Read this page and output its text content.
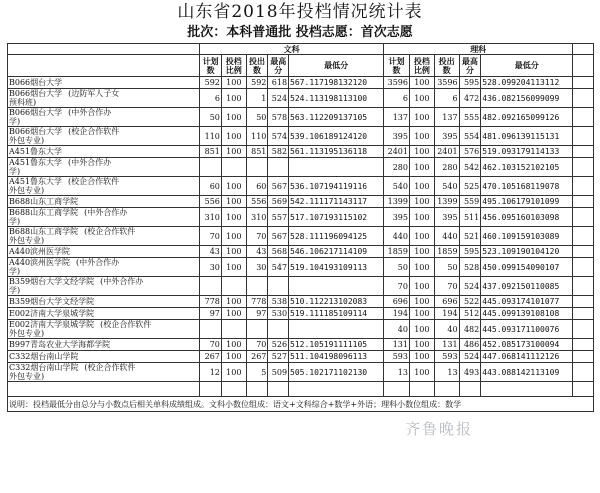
山东省2018年投档情况统计表
批次：本科普通批 投档志愿：首次志愿
	文科					理科					
	计划数	投档比例	投出数	最高分	最低分	计划数	投档比例	投出数	最高分	最低分	
B066烟台大学	592	100	592	618	567.117198132120	3596	100	3596	595	528.099204113112	
B066烟台大学 (边防军人子女
预科班)	6	100	1	524	524.113198113100	6	100	6	472	436.082156099099	
B066烟台大学 (中外合作办
学)	50	100	50	578	563.112209137105	137	100	137	555	482.092165099126	
B066烟台大学 (校企合作软件
外包专业)	110	100	110	574	539.106189124120	395	100	395	554	481.096139115131	
A451鲁东大学	851	100	851	582	561.113195136118	2401	100	2401	576	519.093179114133	
A451鲁东大学 (中外合作办
学)						280	100	280	542	462.103152102105	
A451鲁东大学 (校企合作软件
外包专业)	60	100	60	567	536.107194119116	540	100	540	525	470.105168119078	
B688山东工商学院	556	100	556	569	542.111171143117	1399	100	1399	559	495.106179101099	
B688山东工商学院 (中外合作办
学)	310	100	310	557	517.107193115102	395	100	395	511	456.095160103098	
B688山东工商学院 (校企合作软件
外包专业)	70	100	70	567	528.111196094125	440	100	440	521	460.109159103089	
A440滨州医学院	43	100	43	568	546.106217114109	1859	100	1859	595	523.109190104120	
A440滨州医学院 (中外合作办
学)	30	100	30	547	519.104193109113	50	100	50	528	450.099154090107	
B359烟台大学文经学院 (中外合作办
学)						70	100	70	524	437.092150110085	
B359烟台大学文经学院	778	100	778	538	510.112213102083	696	100	696	522	445.093174101077	
E002济南大学泉城学院	97	100	97	530	519.111185109114	194	100	194	512	445.099139108108	
E002济南大学泉城学院 (校企合作软件
外包专业)						40	100	40	482	445.093171100076	
B997青岛农业大学海都学院	70	100	70	526	512.105191111105	131	100	131	486	452.085173100094	
C332烟台南山学院	267	100	267	527	511.104198096113	593	100	593	524	447.068141112126	
C332烟台南山学院 (校企合作软件
外包专业)	12	100	5	509	505.102171102130	13	100	13	493	443.088142113109	

说明：投档最低分由总分与小数点后相关单科成绩组成。文科小数位组成：语文+文科综合+数学+外语；理科小数位组成：数学											
齐鲁晚报
